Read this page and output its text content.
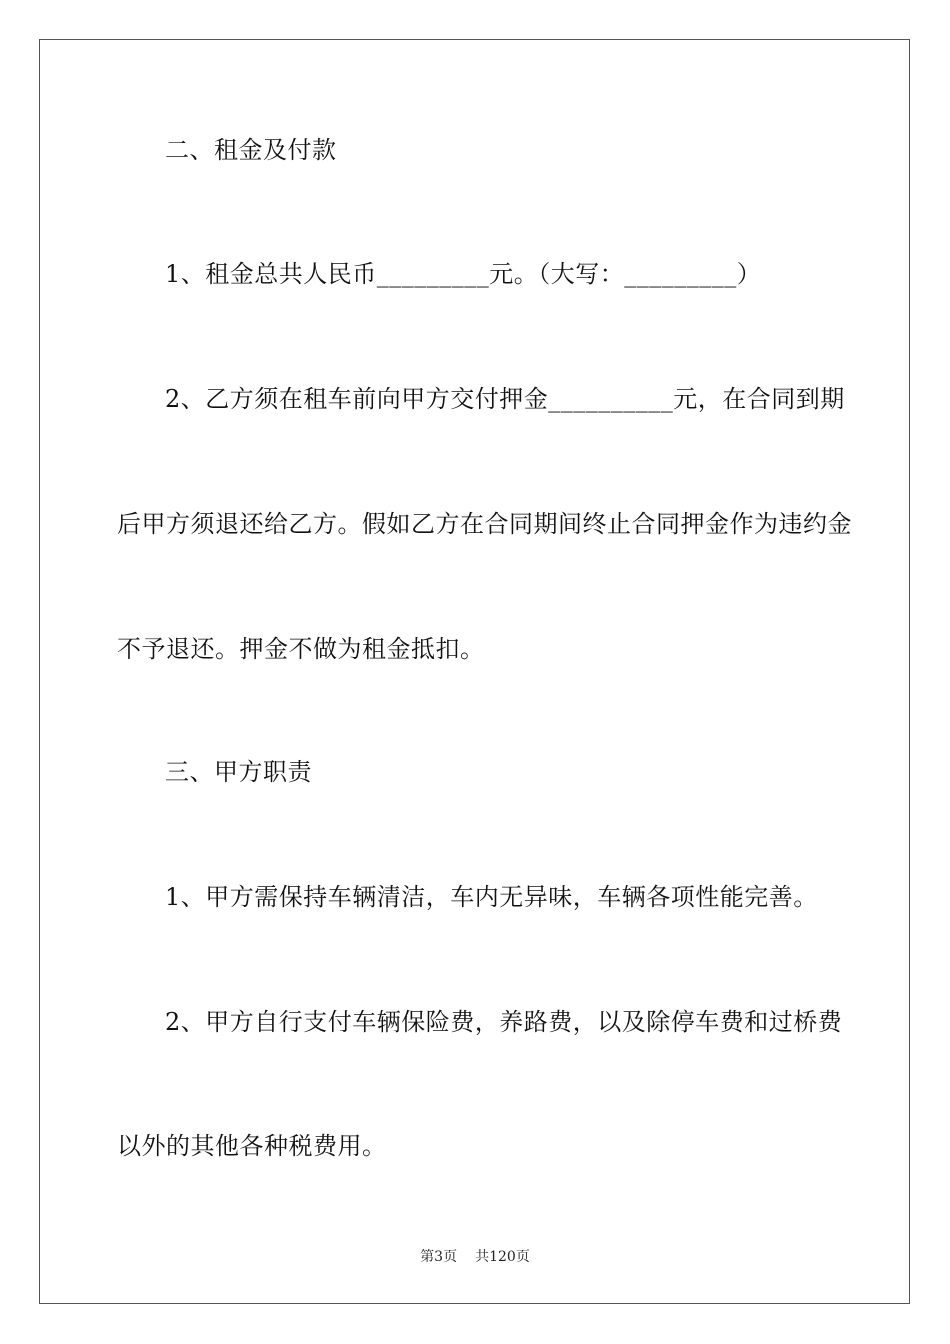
二、租金及付款
1、租金总共人民币_________元。（大写：_________）
2、乙方须在租车前向甲方交付押金__________元，在合同到期
后甲方须退还给乙方。假如乙方在合同期间终止合同押金作为违约金
不予退还。押金不做为租金抵扣。
三、甲方职责
1、甲方需保持车辆清洁，车内无异味，车辆各项性能完善。
2、甲方自行支付车辆保险费，养路费，以及除停车费和过桥费
以外的其他各种税费用。
第3页 共120页
